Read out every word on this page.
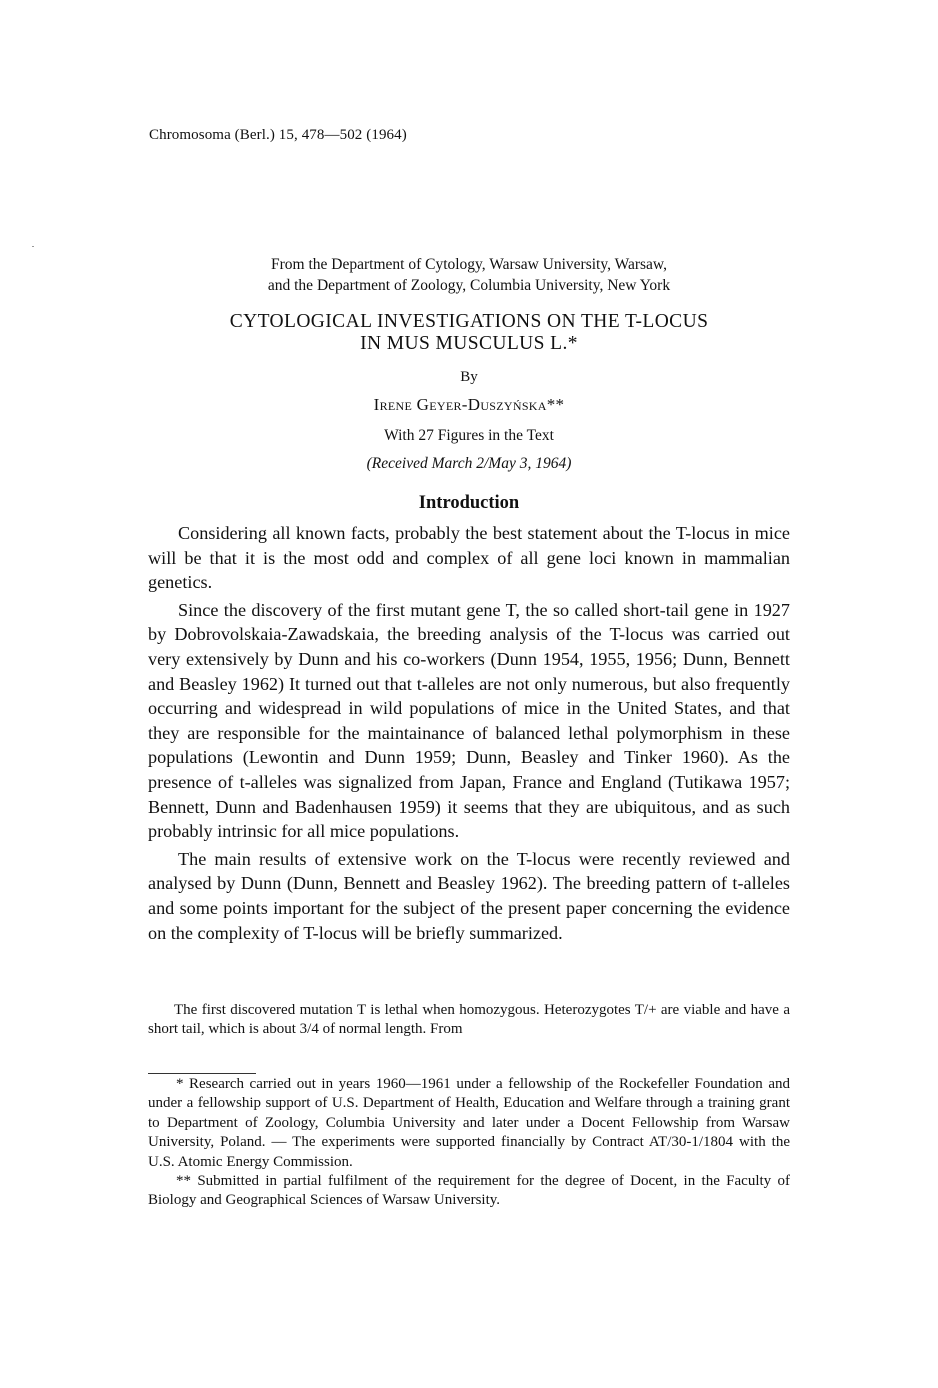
Chromosoma (Berl.) 15, 478—502 (1964)
From the Department of Cytology, Warsaw University, Warsaw,
and the Department of Zoology, Columbia University, New York
CYTOLOGICAL INVESTIGATIONS ON THE T-LOCUS
IN MUS MUSCULUS L.*
By
Irene Geyer-Duszyńska**
With 27 Figures in the Text
(Received March 2/May 3, 1964)
Introduction

Considering all known facts, probably the best statement about the T-locus in mice will be that it is the most odd and complex of all gene loci known in mammalian genetics.

Since the discovery of the first mutant gene T, the so called short-tail gene in 1927 by Dobrovolskaia-Zawadskaia, the breeding analysis of the T-locus was carried out very extensively by Dunn and his co-workers (Dunn 1954, 1955, 1956; Dunn, Bennett and Beasley 1962) It turned out that t-alleles are not only numerous, but also frequently occurring and widespread in wild populations of mice in the United States, and that they are responsible for the maintainance of balanced lethal polymorphism in these populations (Lewontin and Dunn 1959; Dunn, Beasley and Tinker 1960). As the presence of t-alleles was signalized from Japan, France and England (Tutikawa 1957; Bennett, Dunn and Badenhausen 1959) it seems that they are ubiquitous, and as such probably intrinsic for all mice populations.

The main results of extensive work on the T-locus were recently reviewed and analysed by Dunn (Dunn, Bennett and Beasley 1962). The breeding pattern of t-alleles and some points important for the subject of the present paper concerning the evidence on the complexity of T-locus will be briefly summarized.

The first discovered mutation T is lethal when homozygous. Heterozygotes T/+ are viable and have a short tail, which is about 3/4 of normal length. From

* Research carried out in years 1960—1961 under a fellowship of the Rockefeller Foundation and under a fellowship support of U.S. Department of Health, Education and Welfare through a training grant to Department of Zoology, Columbia University and later under a Docent Fellowship from Warsaw University, Poland. — The experiments were supported financially by Contract AT/30-1/1804 with the U.S. Atomic Energy Commission.

** Submitted in partial fulfilment of the requirement for the degree of Docent, in the Faculty of Biology and Geographical Sciences of Warsaw University.
